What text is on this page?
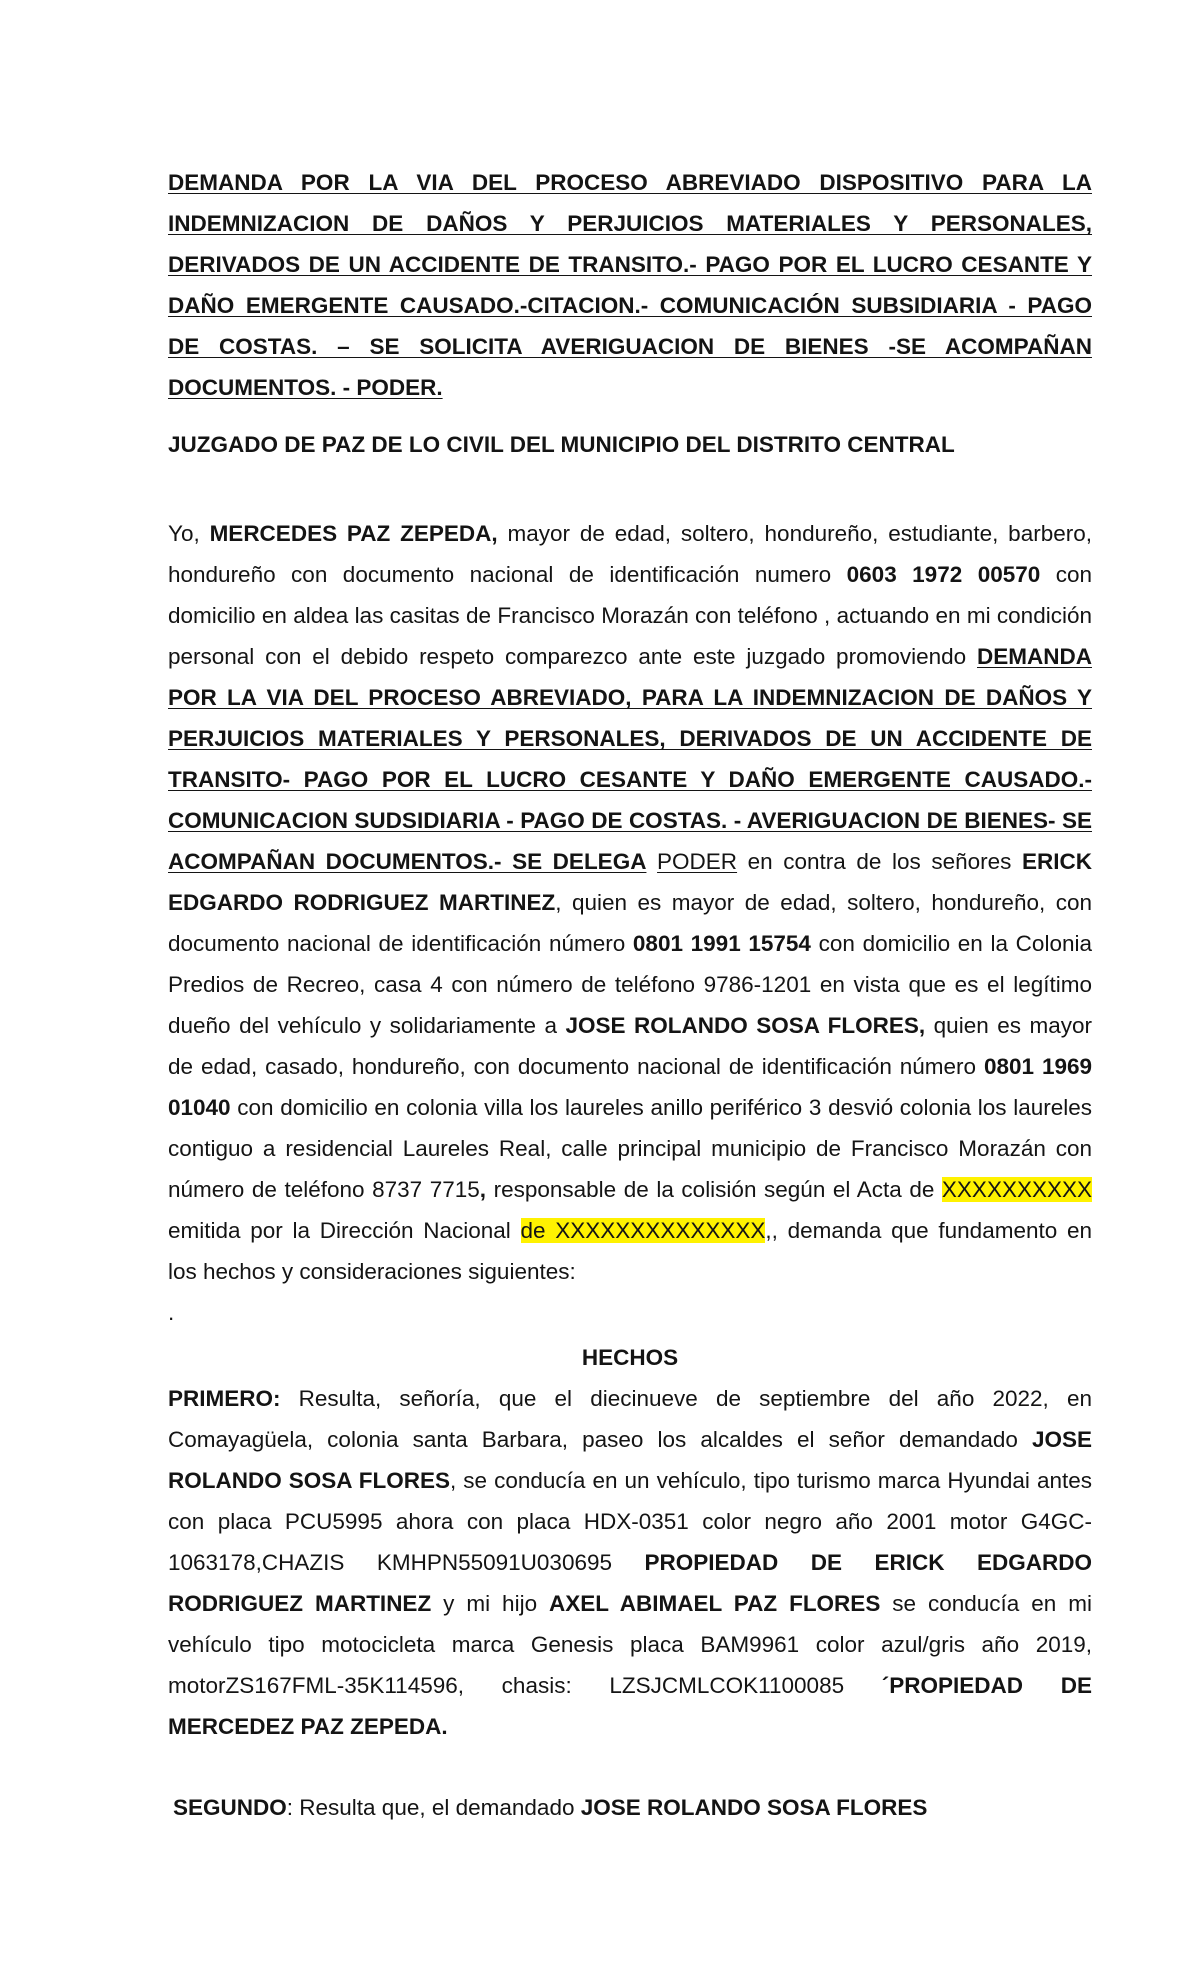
DEMANDA POR LA VIA DEL PROCESO ABREVIADO DISPOSITIVO PARA LA INDEMNIZACION DE DAÑOS Y PERJUICIOS MATERIALES Y PERSONALES, DERIVADOS DE UN ACCIDENTE DE TRANSITO.- PAGO POR EL LUCRO CESANTE Y DAÑO EMERGENTE CAUSADO.-CITACION.- COMUNICACIÓN SUBSIDIARIA - PAGO DE COSTAS. – SE SOLICITA AVERIGUACION DE BIENES -SE ACOMPAÑAN DOCUMENTOS. - PODER.

JUZGADO DE PAZ DE LO CIVIL DEL MUNICIPIO DEL DISTRITO CENTRAL

Yo, MERCEDES PAZ ZEPEDA, mayor de edad, soltero, hondureño, estudiante, barbero, hondureño con documento nacional de identificación numero 0603 1972 00570 con domicilio en aldea las casitas de Francisco Morazán con teléfono , actuando en mi condición personal con el debido respeto comparezco ante este juzgado promoviendo DEMANDA POR LA VIA DEL PROCESO ABREVIADO, PARA LA INDEMNIZACION DE DAÑOS Y PERJUICIOS MATERIALES Y PERSONALES, DERIVADOS DE UN ACCIDENTE DE TRANSITO- PAGO POR EL LUCRO CESANTE Y DAÑO EMERGENTE CAUSADO.-COMUNICACION SUDSIDIARIA - PAGO DE COSTAS. - AVERIGUACION DE BIENES- SE ACOMPAÑAN DOCUMENTOS.- SE DELEGA PODER en contra de los señores ERICK EDGARDO RODRIGUEZ MARTINEZ, quien es mayor de edad, soltero, hondureño, con documento nacional de identificación número 0801 1991 15754 con domicilio en la Colonia Predios de Recreo, casa 4 con número de teléfono 9786-1201 en vista que es el legítimo dueño del vehículo y solidariamente a JOSE ROLANDO SOSA FLORES, quien es mayor de edad, casado, hondureño, con documento nacional de identificación número 0801 1969 01040 con domicilio en colonia villa los laureles anillo periférico 3 desvió colonia los laureles contiguo a residencial Laureles Real, calle principal municipio de Francisco Morazán con número de teléfono 8737 7715, responsable de la colisión según el Acta de XXXXXXXXXX emitida por la Dirección Nacional de XXXXXXXXXXXXXX,, demanda que fundamento en los hechos y consideraciones siguientes:

.

HECHOS

PRIMERO: Resulta, señoría, que el diecinueve de septiembre del año 2022, en Comayagüela, colonia santa Barbara, paseo los alcaldes el señor demandado JOSE ROLANDO SOSA FLORES, se conducía en un vehículo, tipo turismo marca Hyundai antes con placa PCU5995 ahora con placa HDX-0351 color negro año 2001 motor G4GC-1063178,CHAZIS KMHPN55091U030695 PROPIEDAD DE ERICK EDGARDO RODRIGUEZ MARTINEZ y mi hijo AXEL ABIMAEL PAZ FLORES se conducía en mi vehículo tipo motocicleta marca Genesis placa BAM9961 color azul/gris año 2019, motorZS167FML-35K114596, chasis: LZSJCMLCOK1100085 ´PROPIEDAD DE MERCEDEZ PAZ ZEPEDA.

SEGUNDO: Resulta que, el demandado JOSE ROLANDO SOSA FLORES
